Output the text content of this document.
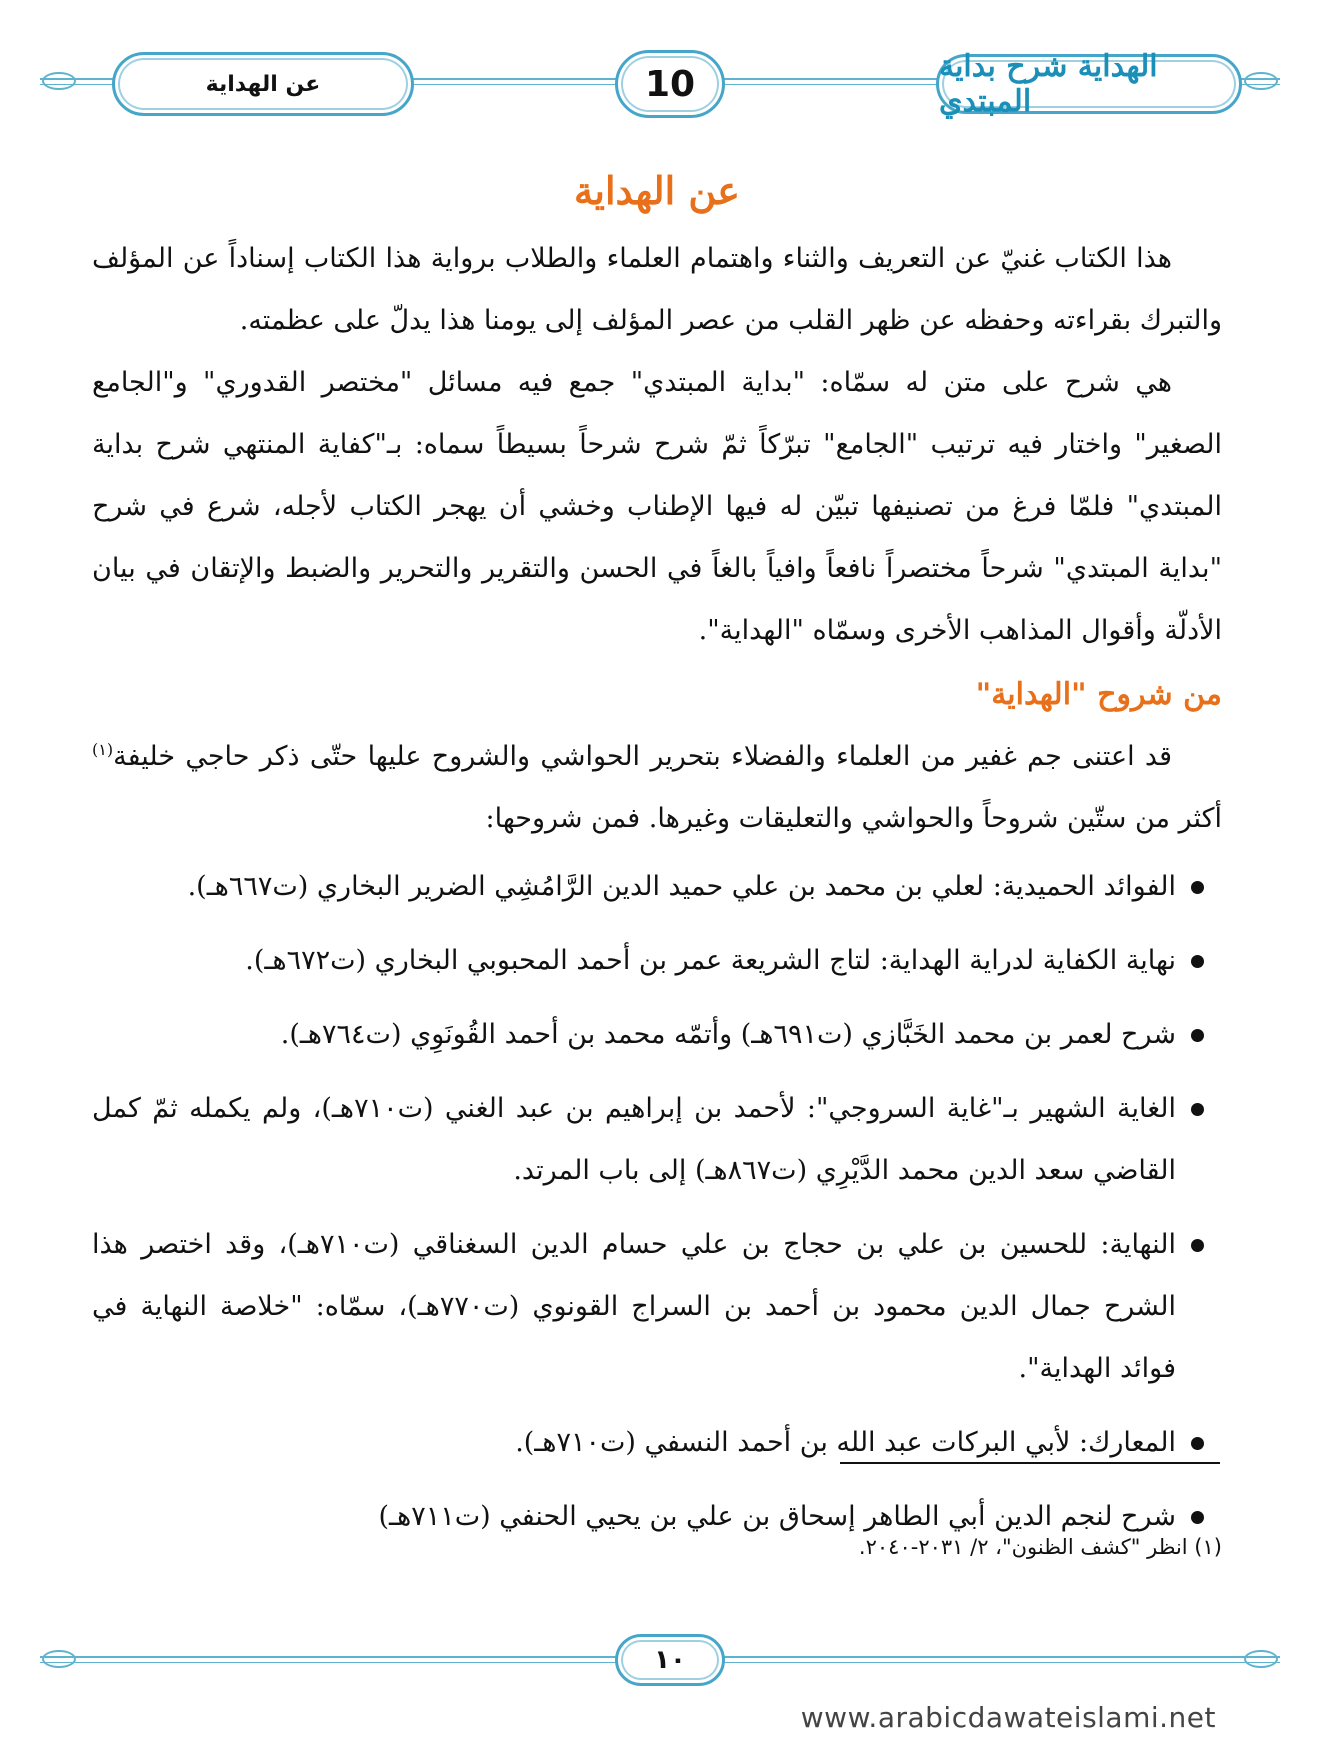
الهداية شرح بداية المبتدي
10
عن الهداية
عن الهداية

هذا الكتاب غنيّ عن التعريف والثناء واهتمام العلماء والطلاب برواية هذا الكتاب إسناداً عن المؤلف والتبرك بقراءته وحفظه عن ظهر القلب من عصر المؤلف إلى يومنا هذا يدلّ على عظمته.

هي شرح على متن له سمّاه: "بداية المبتدي" جمع فيه مسائل "مختصر القدوري" و"الجامع الصغير" واختار فيه ترتيب "الجامع" تبرّكاً ثمّ شرح شرحاً بسيطاً سماه: بـ"كفاية المنتهي شرح بداية المبتدي" فلمّا فرغ من تصنيفها تبيّن له فيها الإطناب وخشي أن يهجر الكتاب لأجله، شرع في شرح "بداية المبتدي" شرحاً مختصراً نافعاً وافياً بالغاً في الحسن والتقرير والتحرير والضبط والإتقان في بيان الأدلّة وأقوال المذاهب الأخرى وسمّاه "الهداية".

من شروح "الهداية"

قد اعتنى جم غفير من العلماء والفضلاء بتحرير الحواشي والشروح عليها حتّى ذكر حاجي خليفة$^{(١)}$ أكثر من ستّين شروحاً والحواشي والتعليقات وغيرها. فمن شروحها:

الفوائد الحميدية: لعلي بن محمد بن علي حميد الدين الرَّامُشِي الضرير البخاري (ت٦٦٧هـ).
نهاية الكفاية لدراية الهداية: لتاج الشريعة عمر بن أحمد المحبوبي البخاري (ت٦٧٢هـ).
شرح لعمر بن محمد الخَبَّازي (ت٦٩١هـ) وأتمّه محمد بن أحمد القُونَوِي (ت٧٦٤هـ).
الغاية الشهير بـ"غاية السروجي": لأحمد بن إبراهيم بن عبد الغني (ت٧١٠هـ)، ولم يكمله ثمّ كمل القاضي سعد الدين محمد الدَّيْرِي (ت٨٦٧هـ) إلى باب المرتد.
النهاية: للحسين بن علي بن حجاج بن علي حسام الدين السغناقي (ت٧١٠هـ)، وقد اختصر هذا الشرح جمال الدين محمود بن أحمد بن السراج القونوي (ت٧٧٠هـ)، سمّاه: "خلاصة النهاية في فوائد الهداية".
المعارك: لأبي البركات عبد الله بن أحمد النسفي (ت٧١٠هـ).
شرح لنجم الدين أبي الطاهر إسحاق بن علي بن يحيي الحنفي (ت٧١١هـ)
(١) انظر "كشف الظنون"، ٢/ ٢٠٣١-٢٠٤٠.
١٠
www.arabicdawateislami.net
